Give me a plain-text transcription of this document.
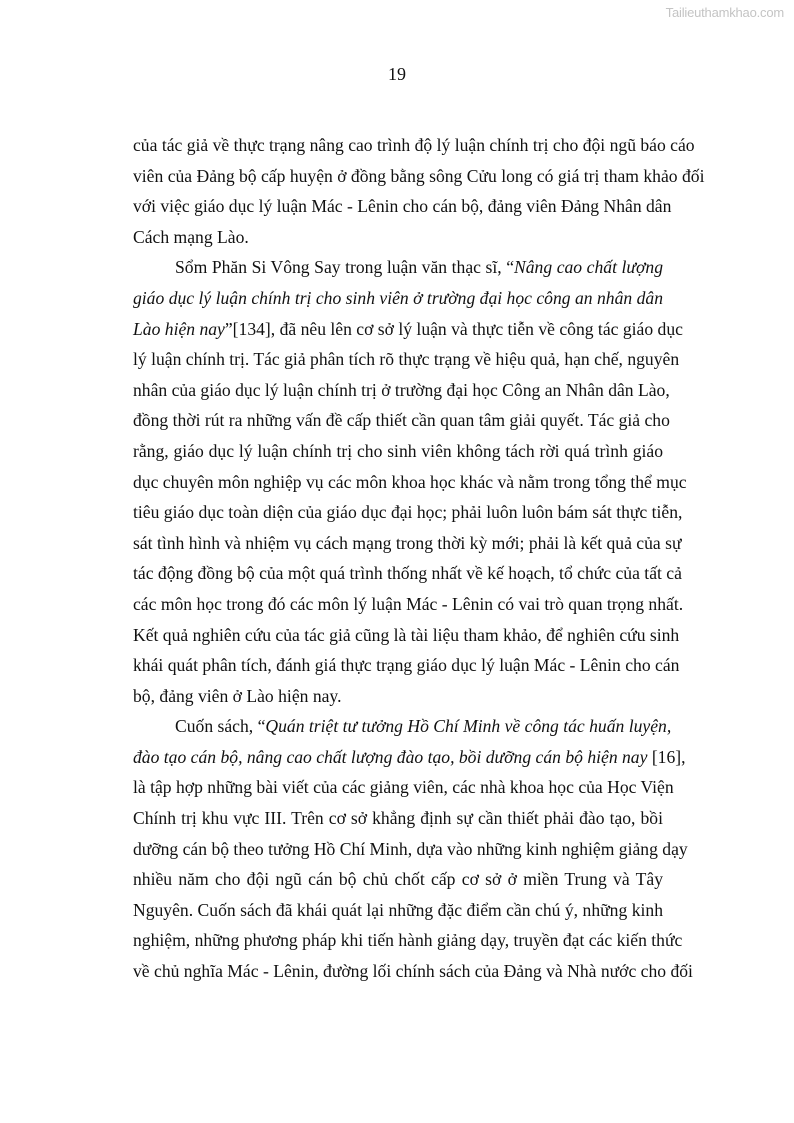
Tailieuthamkhao.com
19
của tác giả về thực trạng nâng cao trình độ lý luận chính trị cho đội ngũ báo cáo
viên của Đảng bộ cấp huyện ở đồng bằng sông Cửu long có giá trị tham khảo đối
với việc giáo dục lý luận Mác - Lênin cho cán bộ, đảng viên Đảng Nhân dân
Cách mạng Lào.
Sổm Phăn Si Vông Say trong luận văn thạc sĩ, “Nâng cao chất lượng
giáo dục lý luận chính trị cho sinh viên ở trường đại học công an nhân dân
Lào hiện nay”[134], đã nêu lên cơ sở lý luận và thực tiễn về công tác giáo dục
lý luận chính trị. Tác giả phân tích rõ thực trạng về hiệu quả, hạn chế, nguyên
nhân của giáo dục lý luận chính trị ở trường đại học Công an Nhân dân Lào,
đồng thời rút ra những vấn đề cấp thiết cần quan tâm giải quyết. Tác giả cho
rằng, giáo dục lý luận chính trị cho sinh viên không tách rời quá trình giáo
dục chuyên môn nghiệp vụ các môn khoa học khác và nằm trong tổng thể mục
tiêu giáo dục toàn diện của giáo dục đại học; phải luôn luôn bám sát thực tiễn,
sát tình hình và nhiệm vụ cách mạng trong thời kỳ mới; phải là kết quả của sự
tác động đồng bộ của một quá trình thống nhất về kế hoạch, tổ chức của tất cả
các môn học trong đó các môn lý luận Mác - Lênin có vai trò quan trọng nhất.
Kết quả nghiên cứu của tác giả cũng là tài liệu tham khảo, để nghiên cứu sinh
khái quát phân tích, đánh giá thực trạng giáo dục lý luận Mác - Lênin cho cán
bộ, đảng viên ở Lào hiện nay.
Cuốn sách, “Quán triệt tư tưởng Hồ Chí Minh về công tác huấn luyện,
đào tạo cán bộ, nâng cao chất lượng đào tạo, bồi dưỡng cán bộ hiện nay [16],
là tập hợp những bài viết của các giảng viên, các nhà khoa học của Học Viện
Chính trị khu vực III. Trên cơ sở khẳng định sự cần thiết phải đào tạo, bồi
dưỡng cán bộ theo tưởng Hồ Chí Minh, dựa vào những kinh nghiệm giảng dạy
nhiều năm cho đội ngũ cán bộ chủ chốt cấp cơ sở ở miền Trung và Tây
Nguyên. Cuốn sách đã khái quát lại những đặc điểm cần chú ý, những kinh
nghiệm, những phương pháp khi tiến hành giảng dạy, truyền đạt các kiến thức
về chủ nghĩa Mác - Lênin, đường lối chính sách của Đảng và Nhà nước cho đối
